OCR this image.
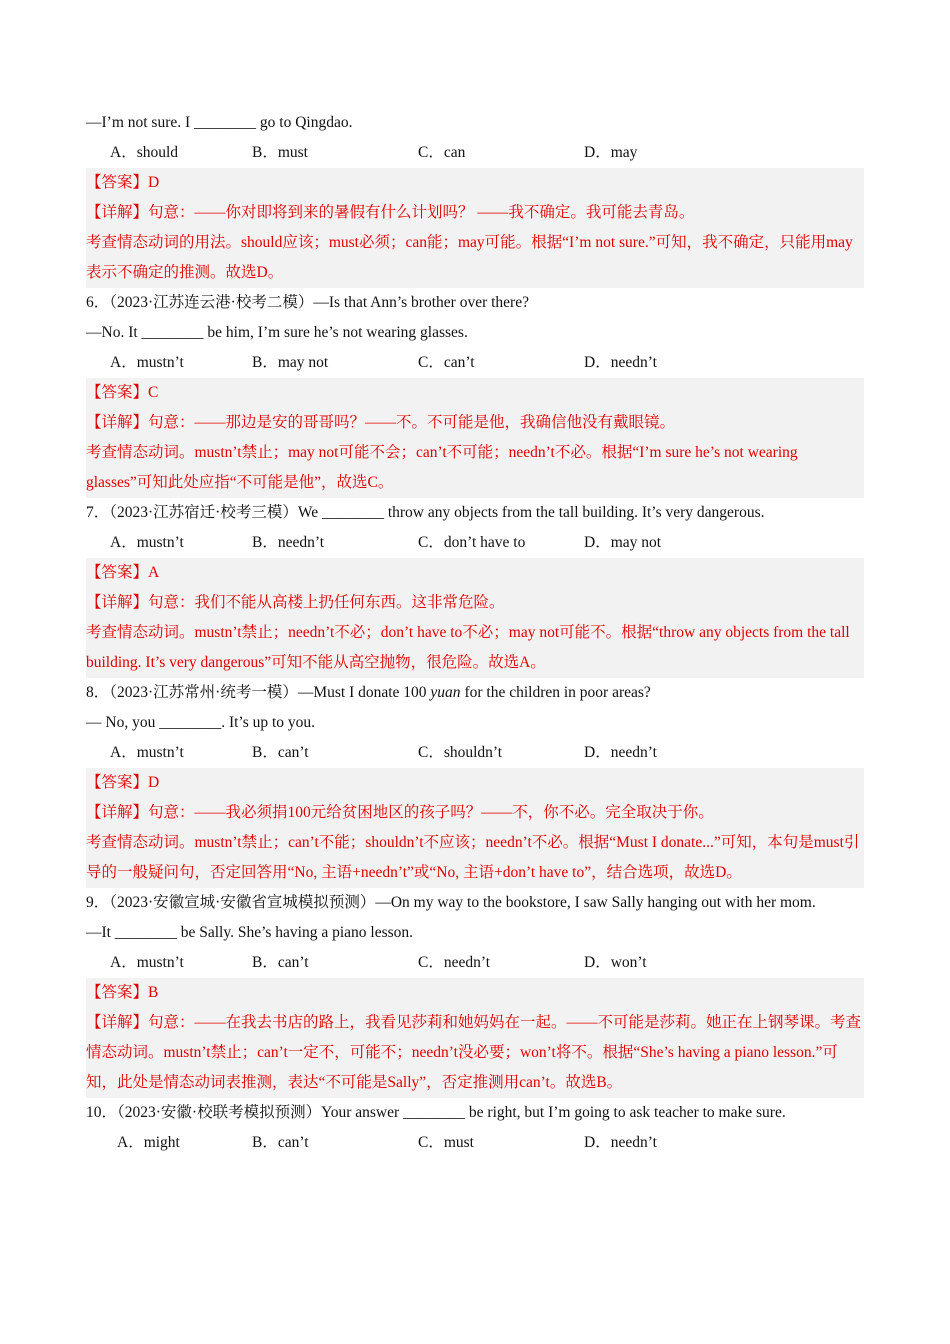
—I’m not sure. I ________ go to Qingdao.
A．should	B．must	C．can	D．may
【答案】D
【详解】句意：——你对即将到来的暑假有什么计划吗？ ——我不确定。我可能去青岛。
考查情态动词的用法。should应该；must必须；can能；may可能。根据“I’m not sure.”可知，我不确定，只能用may表示不确定的推测。故选D。
6．（2023·江苏连云港·校考二模）—Is that Ann’s brother over there?
—No. It ________ be him, I’m sure he’s not wearing glasses.
A．mustn’t	B．may not	C．can’t	D．needn’t
【答案】C
【详解】句意：——那边是安的哥哥吗？——不。不可能是他，我确信他没有戴眼镜。
考查情态动词。mustn’t禁止；may not可能不会；can’t不可能；needn’t不必。根据“I’m sure he’s not wearing glasses”可知此处应指“不可能是他”，故选C。
7．（2023·江苏宿迁·校考三模）We ________ throw any objects from the tall building. It’s very dangerous.
A．mustn’t	B．needn’t	C．don’t have to	D．may not
【答案】A
【详解】句意：我们不能从高楼上扔任何东西。这非常危险。
考查情态动词。mustn’t禁止；needn’t不必；don’t have to不必；may not可能不。根据“throw any objects from the tall building. It’s very dangerous”可知不能从高空抛物，很危险。故选A。
8．（2023·江苏常州·统考一模）—Must I donate 100 yuan for the children in poor areas?
— No, you ________. It’s up to you.
A．mustn’t	B．can’t	C．shouldn’t	D．needn’t
【答案】D
【详解】句意：——我必须捐100元给贫困地区的孩子吗？——不，你不必。完全取决于你。
考查情态动词。mustn’t禁止；can’t不能；shouldn’t不应该；needn’t不必。根据“Must I donate...”可知，本句是must引导的一般疑问句，否定回答用“No, 主语+needn’t”或“No, 主语+don’t have to”，结合选项，故选D。
9．（2023·安徽宣城·安徽省宣城模拟预测）—On my way to the bookstore, I saw Sally hanging out with her mom.
—It ________ be Sally. She’s having a piano lesson.
A．mustn’t	B．can’t	C．needn’t	D．won’t
【答案】B
【详解】句意：——在我去书店的路上，我看见莎莉和她妈妈在一起。——不可能是莎莉。她正在上钢琴课。考查情态动词。mustn’t禁止；can’t一定不，可能不；needn’t没必要；won’t将不。根据“She’s having a piano lesson.”可知，此处是情态动词表推测，表达“不可能是Sally”，否定推测用can’t。故选B。
10．（2023·安徽·校联考模拟预测）Your answer ________ be right, but I’m going to ask teacher to make sure.
A．might	B．can’t	C．must	D．needn’t
